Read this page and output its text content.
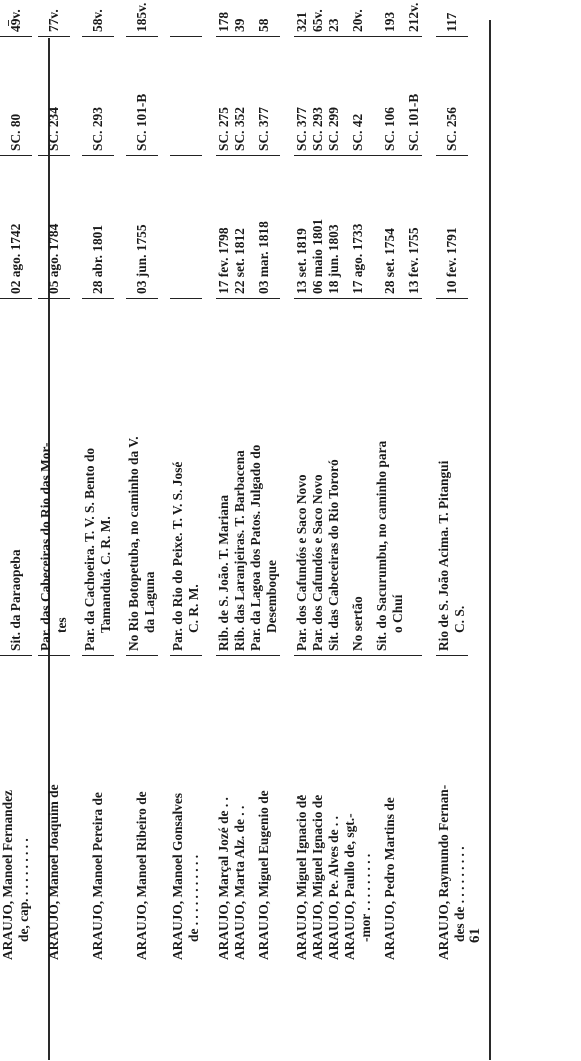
ARAUJO, Manoel Fernandez de, cap. . . . . . . . . .	Sit. da Paraopeba	02 ago. 1742	SC. 80	49v.

ARAUJO, Manoel Joaquim de	Par. das Cabeceiras do Rio das Mor- tes	05 ago. 1784	SC. 234	77v.

ARAUJO, Manoel Pereira de	Par. da Cachoeira. T. V. S. Bento do Tamanduá. C. R. M.	28 abr. 1801	SC. 293	58v.

ARAUJO, Manoel Ribeiro de	No Rio Botopetuba, no caminho da V. da Laguna	03 jun. 1755	SC. 101-B	185v.

ARAUJO, Manoel Gonsalves de . . . . . . . . . . .	Par. do Rio do Peixe. T. V. S. José C. R. M.			

ARAUJO, Marçal Jozé de . .	Rib. de S. João. T. Mariana	17 fev. 1798	SC. 275	178

ARAUJO, Marta Alz. de . .	Rib. das Laranjeiras. T. Barbacena	22 set. 1812	SC. 352	39

ARAUJO, Miguel Eugenio de	Par. da Lagoa dos Patos. Julgado do Desemboque	03 mar. 1818	SC. 377	58

ARAUJO, Miguel Ignacio de	Par. dos Cafundós e Saco Novo	13 set. 1819	SC. 377	321

ARAUJO, Miguel Ignacio de	Par. dos Cafundós e Saco Novo	06 maio 1801	SC. 293	65v.

ARAUJO, Pe. Alves de . .	Sit. das Cabeceiras do Rio Tororó	18 jun. 1803	SC. 299	23

ARAUJO, Paullo de, sgt.- -mor . . . . . . . . .	No sertão	17 ago. 1733	SC. 42	20v.

ARAUJO, Pedro Martins de	Sit. do Sacurumbu, no caminho para o Chuí	28 set. 1754	SC. 106	193

	13 fev. 1755	SC. 101-B	212v.

ARAUJO, Raymundo Fernan- des de . . . . . . . . .	Rio de S. João Acima. T. Pitangui C. S.	10 fev. 1791	SC. 256	117
61
